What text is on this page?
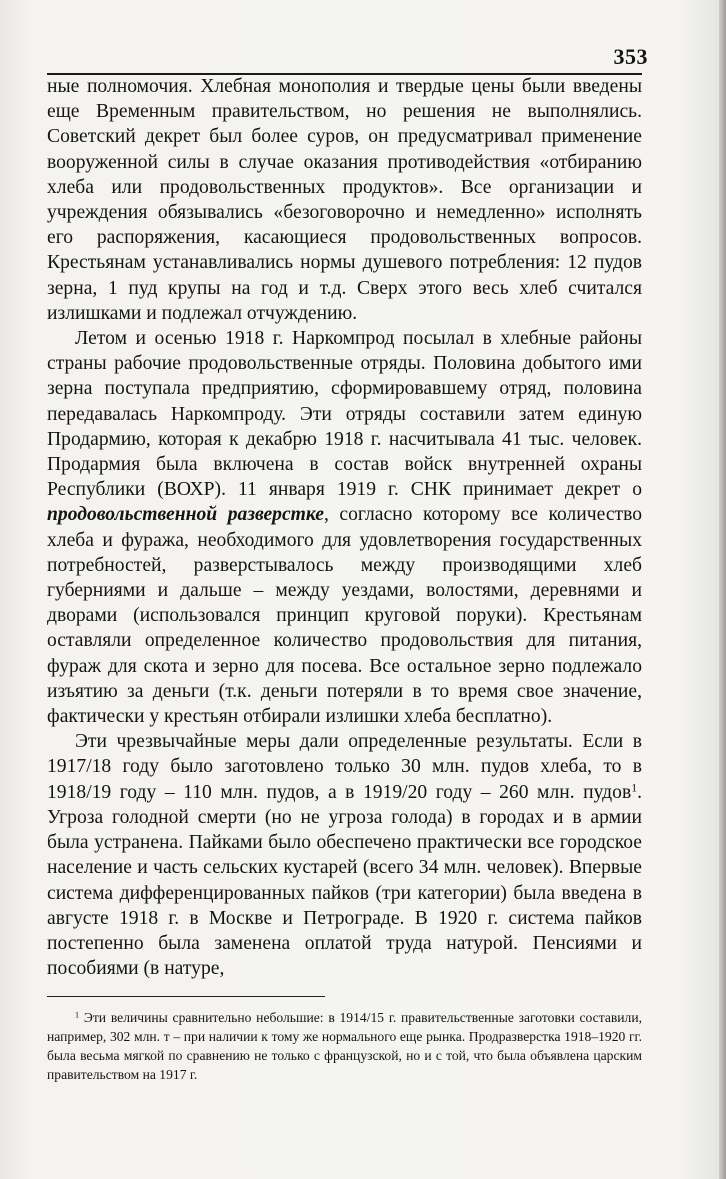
353

ные полномочия. Хлебная монополия и твердые цены были введены еще Временным правительством, но решения не выполнялись. Советский декрет был более суров, он предусматривал применение вооруженной силы в случае оказания противодействия «отбиранию хлеба или продовольственных продуктов». Все организации и учреждения обязывались «безоговорочно и немедленно» исполнять его распоряжения, касающиеся продовольственных вопросов. Крестьянам устанавливались нормы душевого потребления: 12 пудов зерна, 1 пуд крупы на год и т.д. Сверх этого весь хлеб считался излишками и подлежал отчуждению.

Летом и осенью 1918 г. Наркомпрод посылал в хлебные районы страны рабочие продовольственные отряды. Половина добытого ими зерна поступала предприятию, сформировавшему отряд, половина передавалась Наркомпроду. Эти отряды составили затем единую Продармию, которая к декабрю 1918 г. насчитывала 41 тыс. человек. Продармия была включена в состав войск внутренней охраны Республики (ВОХР). 11 января 1919 г. СНК принимает декрет о продовольственной разверстке, согласно которому все количество хлеба и фуража, необходимого для удовлетворения государственных потребностей, разверстывалось между производящими хлеб губерниями и дальше – между уездами, волостями, деревнями и дворами (использовался принцип круговой поруки). Крестьянам оставляли определенное количество продовольствия для питания, фураж для скота и зерно для посева. Все остальное зерно подлежало изъятию за деньги (т.к. деньги потеряли в то время свое значение, фактически у крестьян отбирали излишки хлеба бесплатно).

Эти чрезвычайные меры дали определенные результаты. Если в 1917/18 году было заготовлено только 30 млн. пудов хлеба, то в 1918/19 году – 110 млн. пудов, а в 1919/20 году – 260 млн. пудов$^1$. Угроза голодной смерти (но не угроза голода) в городах и в армии была устранена. Пайками было обеспечено практически все городское население и часть сельских кустарей (всего 34 млн. человек). Впервые система дифференцированных пайков (три категории) была введена в августе 1918 г. в Москве и Петрограде. В 1920 г. система пайков постепенно была заменена оплатой труда натурой. Пенсиями и пособиями (в натуре,

$^1$ Эти величины сравнительно небольшие: в 1914/15 г. правительственные заготовки составили, например, 302 млн. т – при наличии к тому же нормального еще рынка. Продразверстка 1918–1920 гг. была весьма мягкой по сравнению не только с французской, но и с той, что была объявлена царским правительством на 1917 г.
